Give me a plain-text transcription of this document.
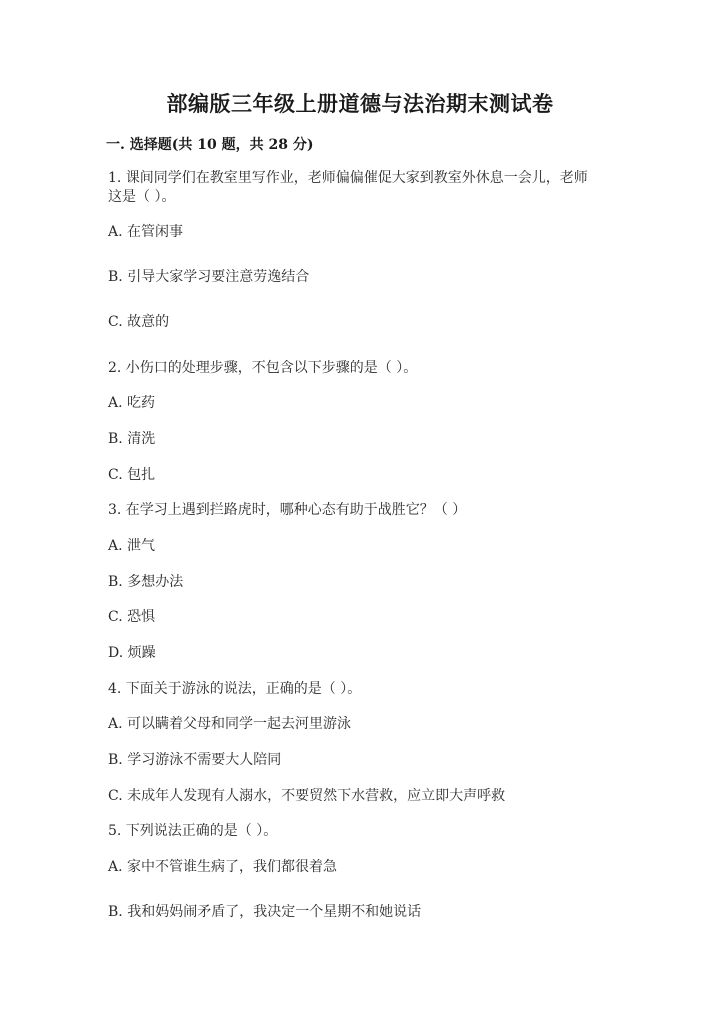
部编版三年级上册道德与法治期末测试卷
一. 选择题(共 10 题，共 28 分)
1. 课间同学们在教室里写作业，老师偏偏催促大家到教室外休息一会儿，老师
这是（ ）。
A. 在管闲事
B. 引导大家学习要注意劳逸结合
C. 故意的
2. 小伤口的处理步骤，不包含以下步骤的是（ ）。
A. 吃药
B. 清洗
C. 包扎
3. 在学习上遇到拦路虎时，哪种心态有助于战胜它？（ ）
A. 泄气
B. 多想办法
C. 恐惧
D. 烦躁
4. 下面关于游泳的说法，正确的是（ ）。
A. 可以瞒着父母和同学一起去河里游泳
B. 学习游泳不需要大人陪同
C. 未成年人发现有人溺水，不要贸然下水营救，应立即大声呼救
5. 下列说法正确的是（ ）。
A. 家中不管谁生病了，我们都很着急
B. 我和妈妈闹矛盾了，我决定一个星期不和她说话
